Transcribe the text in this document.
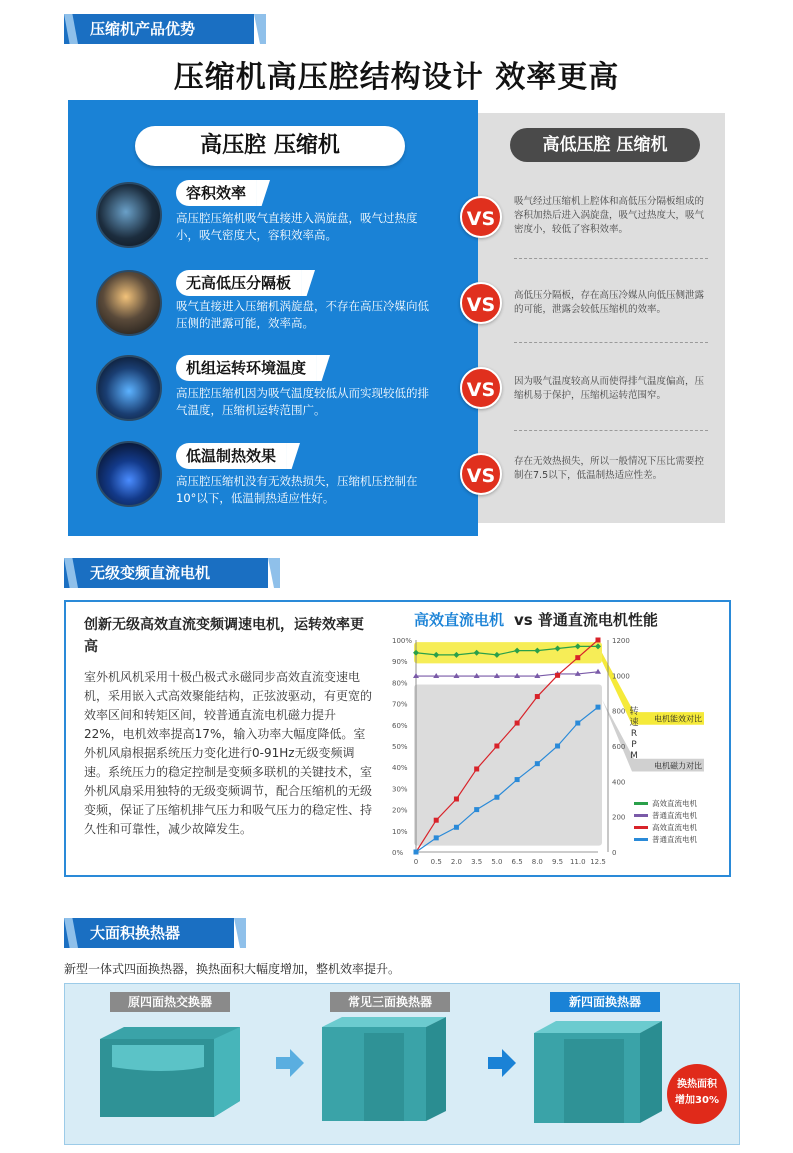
压缩机产品优势
压缩机高压腔结构设计 效率更高
高压腔 压缩机	高低压腔 压缩机
容积效率
高压腔压缩机吸气直接进入涡旋盘，吸气过热度小，吸气密度大，容积效率高。
VS
吸气经过压缩机上腔体和高低压分隔板组成的容积加热后进入涡旋盘，吸气过热度大，吸气密度小，较低了容积效率。
无高低压分隔板
吸气直接进入压缩机涡旋盘，不存在高压冷媒向低压侧的泄露可能，效率高。
VS	高低压分隔板，存在高压冷媒从向低压侧泄露的可能，泄露会较低压缩机的效率。
机组运转环境温度
高压腔压缩机因为吸气温度较低从而实现较低的排气温度，压缩机运转范围广。
VS	因为吸气温度较高从而使得排气温度偏高，压缩机易于保护，压缩机运转范围窄。
低温制热效果
高压腔压缩机没有无效热损失，压缩机压控制在10°以下，低温制热适应性好。
VS
存在无效热损失，所以一般情况下压比需要控制在7.5以下，低温制热适应性差。
无级变频直流电机
创新无级高效直流变频调速电机，运转效率更高
室外机风机采用十极凸极式永磁同步高效直流变速电机，采用嵌入式高效聚能结构，正弦波驱动，有更宽的效率区间和转矩区间，较普通直流电机磁力提升22%，电机效率提高17%，输入功率大幅度降低。室外机风扇根据系统压力变化进行0-91Hz无级变频调速。系统压力的稳定控制是变频多联机的关键技术，室外机风扇采用独特的无级变频调节，配合压缩机的无级变频，保证了压缩机排气压力和吸气压力的稳定性、持久性和可靠性，减少故障发生。
高效直流电机 vs 普通直流电机性能
电机能效对比
电机磁力对比
0%
10%
20%
30%
40%
50%
60%
70%
80%
90%
100%
0
200
400
600
800
1000
1200
0 0.5 2.0 3.5 5.0 6.5 8.0 9.5 11.0 12.5
转
速
R
P
M
高效直流电机
普通直流电机
高效直流电机
普通直流电机
大面积换热器
新型一体式四面换热器，换热面积大幅度增加，整机效率提升。
原四面热交换器	常见三面换热器	新四面换热器
换热面积
增加30%
